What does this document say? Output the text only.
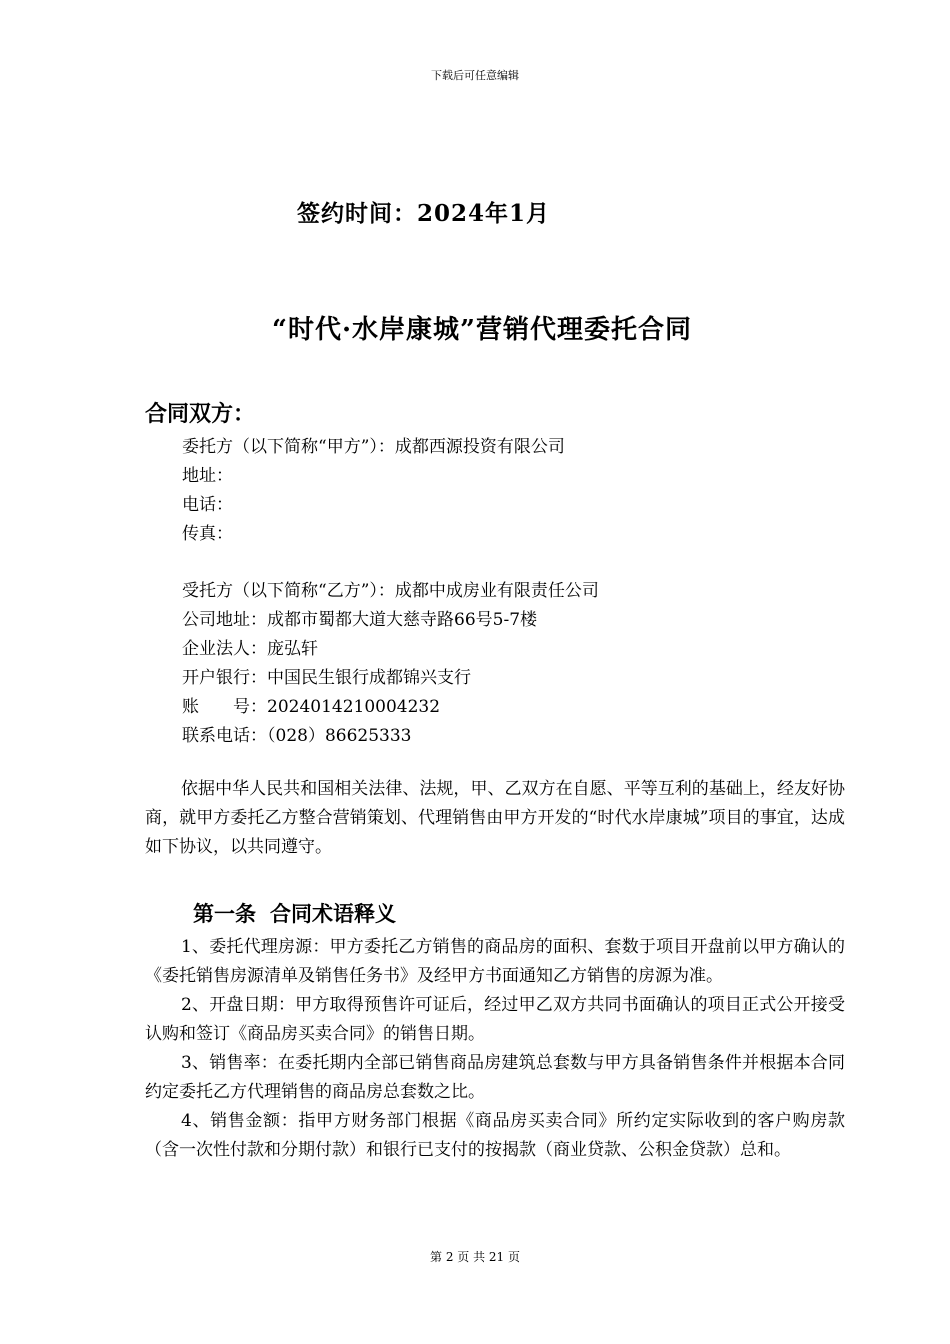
下载后可任意编辑
签约时间：2024年1月
“时代·水岸康城”营销代理委托合同
合同双方：
委托方（以下简称“甲方”）：成都西源投资有限公司
地址：
电话：
传真：
受托方（以下简称“乙方”）：成都中成房业有限责任公司
公司地址：成都市蜀都大道大慈寺路66号5-7楼
企业法人：庞弘轩
开户银行：中国民生银行成都锦兴支行
账　　号：2024014210004232
联系电话：（028）86625333
依据中华人民共和国相关法律、法规，甲、乙双方在自愿、平等互利的基础上，经友好协商，就甲方委托乙方整合营销策划、代理销售由甲方开发的“时代水岸康城”项目的事宜，达成如下协议，以共同遵守。
第一条 合同术语释义
1、委托代理房源：甲方委托乙方销售的商品房的面积、套数于项目开盘前以甲方确认的《委托销售房源清单及销售任务书》及经甲方书面通知乙方销售的房源为准。
2、开盘日期：甲方取得预售许可证后，经过甲乙双方共同书面确认的项目正式公开接受认购和签订《商品房买卖合同》的销售日期。
3、销售率：在委托期内全部已销售商品房建筑总套数与甲方具备销售条件并根据本合同约定委托乙方代理销售的商品房总套数之比。
4、销售金额：指甲方财务部门根据《商品房买卖合同》所约定实际收到的客户购房款（含一次性付款和分期付款）和银行已支付的按揭款（商业贷款、公积金贷款）总和。
第 2 页 共 21 页
